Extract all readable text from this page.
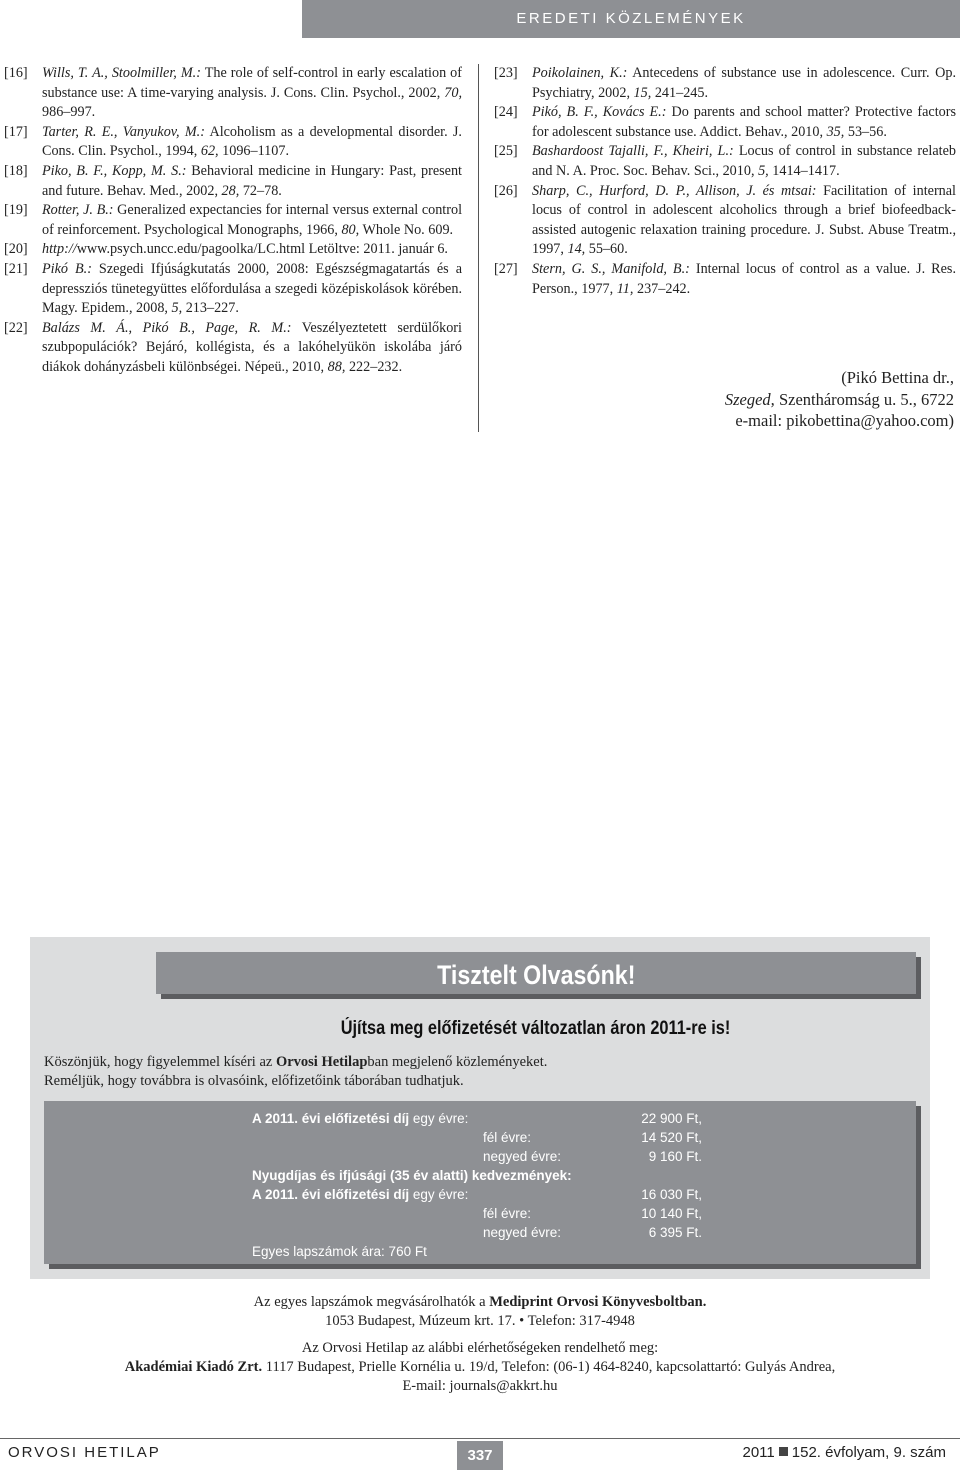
EREDETI KÖZLEMÉNYEK

[16] Wills, T. A., Stoolmiller, M.: The role of self-control in early escalation of substance use: A time-varying analysis. J. Cons. Clin. Psychol., 2002, 70, 986–997.

[17] Tarter, R. E., Vanyukov, M.: Alcoholism as a developmental disorder. J. Cons. Clin. Psychol., 1994, 62, 1096–1107.

[18] Piko, B. F., Kopp, M. S.: Behavioral medicine in Hungary: Past, present and future. Behav. Med., 2002, 28, 72–78.

[19] Rotter, J. B.: Generalized expectancies for internal versus external control of reinforcement. Psychological Monographs, 1966, 80, Whole No. 609.

[20] http://www.psych.uncc.edu/pagoolka/LC.html Letöltve: 2011. január 6.

[21] Pikó B.: Szegedi Ifjúságkutatás 2000, 2008: Egészségmagatartás és a depressziós tünetegyüttes előfordulása a szegedi középiskolások körében. Magy. Epidem., 2008, 5, 213–227.

[22] Balázs M. Á., Pikó B., Page, R. M.: Veszélyeztetett serdülőkori szubpopulációk? Bejáró, kollégista, és a lakóhelyükön iskolába járó diákok dohányzásbeli különbségei. Népeü., 2010, 88, 222–232.

[23] Poikolainen, K.: Antecedens of substance use in adolescence. Curr. Op. Psychiatry, 2002, 15, 241–245.

[24] Pikó, B. F., Kovács E.: Do parents and school matter? Protective factors for adolescent substance use. Addict. Behav., 2010, 35, 53–56.

[25] Bashardoost Tajalli, F., Kheiri, L.: Locus of control in substance relateb and N. A. Proc. Soc. Behav. Sci., 2010, 5, 1414–1417.

[26] Sharp, C., Hurford, D. P., Allison, J. és mtsai: Facilitation of internal locus of control in adolescent alcoholics through a brief biofeedback-assisted autogenic relaxation training procedure. J. Subst. Abuse Treatm., 1997, 14, 55–60.

[27] Stern, G. S., Manifold, B.: Internal locus of control as a value. J. Res. Person., 1977, 11, 237–242.

(Pikó Bettina dr.,
Szeged, Szentháromság u. 5., 6722
e-mail: pikobettina@yahoo.com)
Tisztelt Olvasónk!
Újítsa meg előfizetését változatlan áron 2011-re is!
Köszönjük, hogy figyelemmel kíséri az Orvosi Hetilapban megjelenő közleményeket.
Reméljük, hogy továbbra is olvasóink, előfizetőink táborában tudhatjuk.
A 2011. évi előfizetési díj egy évre:	22 900 Ft,
fél évre:	14 520 Ft,
negyed évre:	9 160 Ft.
Nyugdíjas és ifjúsági (35 év alatti) kedvezmények:
A 2011. évi előfizetési díj egy évre:	16 030 Ft,
fél évre:	10 140 Ft,
negyed évre:	6 395 Ft.
Egyes lapszámok ára: 760 Ft
Az egyes lapszámok megvásárolhatók a Mediprint Orvosi Könyvesboltban.
1053 Budapest, Múzeum krt. 17. • Telefon: 317-4948
Az Orvosi Hetilap az alábbi elérhetőségeken rendelhető meg:
Akadémiai Kiadó Zrt. 1117 Budapest, Prielle Kornélia u. 19/d, Telefon: (06-1) 464-8240, kapcsolattartó: Gulyás Andrea,
E-mail: journals@akkrt.hu
ORVOSI HETILAP	337	2011 152. évfolyam, 9. szám
